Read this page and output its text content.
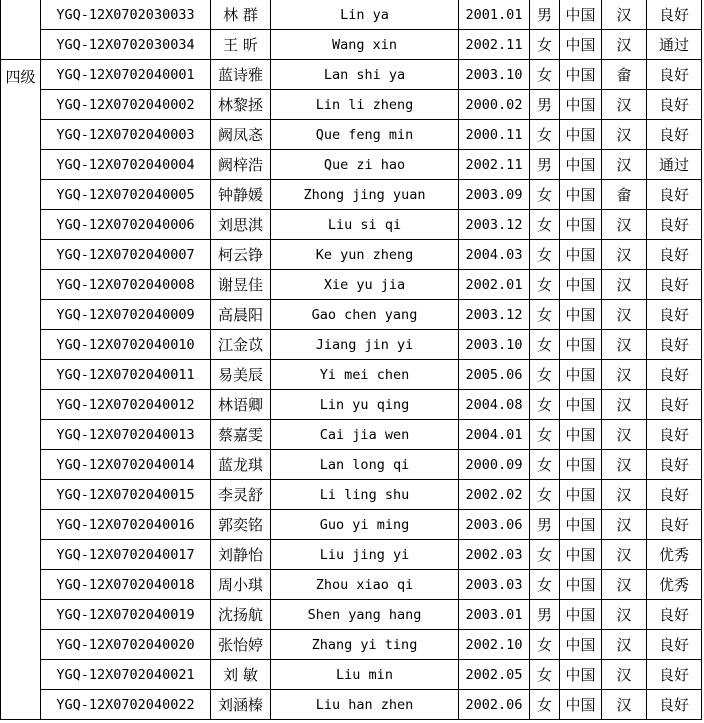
	YGQ-12X0702030033	林 群	Lin ya	2001.01	男	中国	汉	良好
	YGQ-12X0702030034	王 昕	Wang xin	2002.11	女	中国	汉	通过
四级	YGQ-12X0702040001	蓝诗雅	Lan shi ya	2003.10	女	中国	畲	良好
	YGQ-12X0702040002	林黎拯	Lin li zheng	2000.02	男	中国	汉	良好
	YGQ-12X0702040003	阙凤忞	Que feng min	2000.11	女	中国	汉	良好
	YGQ-12X0702040004	阙梓浩	Que zi hao	2002.11	男	中国	汉	通过
	YGQ-12X0702040005	钟静媛	Zhong jing yuan	2003.09	女	中国	畲	良好
	YGQ-12X0702040006	刘思淇	Liu si qi	2003.12	女	中国	汉	良好
	YGQ-12X0702040007	柯云铮	Ke yun zheng	2004.03	女	中国	汉	良好
	YGQ-12X0702040008	谢昱佳	Xie yu jia	2002.01	女	中国	汉	良好
	YGQ-12X0702040009	高晨阳	Gao chen yang	2003.12	女	中国	汉	良好
	YGQ-12X0702040010	江金苡	Jiang jin yi	2003.10	女	中国	汉	良好
	YGQ-12X0702040011	易美辰	Yi mei chen	2005.06	女	中国	汉	良好
	YGQ-12X0702040012	林语卿	Lin yu qing	2004.08	女	中国	汉	良好
	YGQ-12X0702040013	蔡嘉雯	Cai jia wen	2004.01	女	中国	汉	良好
	YGQ-12X0702040014	蓝龙琪	Lan long qi	2000.09	女	中国	汉	良好
	YGQ-12X0702040015	李灵舒	Li ling shu	2002.02	女	中国	汉	良好
	YGQ-12X0702040016	郭奕铭	Guo yi ming	2003.06	男	中国	汉	良好
	YGQ-12X0702040017	刘静怡	Liu jing yi	2002.03	女	中国	汉	优秀
	YGQ-12X0702040018	周小琪	Zhou xiao qi	2003.03	女	中国	汉	优秀
	YGQ-12X0702040019	沈扬航	Shen yang hang	2003.01	男	中国	汉	良好
	YGQ-12X0702040020	张怡婷	Zhang yi ting	2002.10	女	中国	汉	良好
	YGQ-12X0702040021	刘 敏	Liu min	2002.05	女	中国	汉	良好
	YGQ-12X0702040022	刘涵榛	Liu han zhen	2002.06	女	中国	汉	良好
